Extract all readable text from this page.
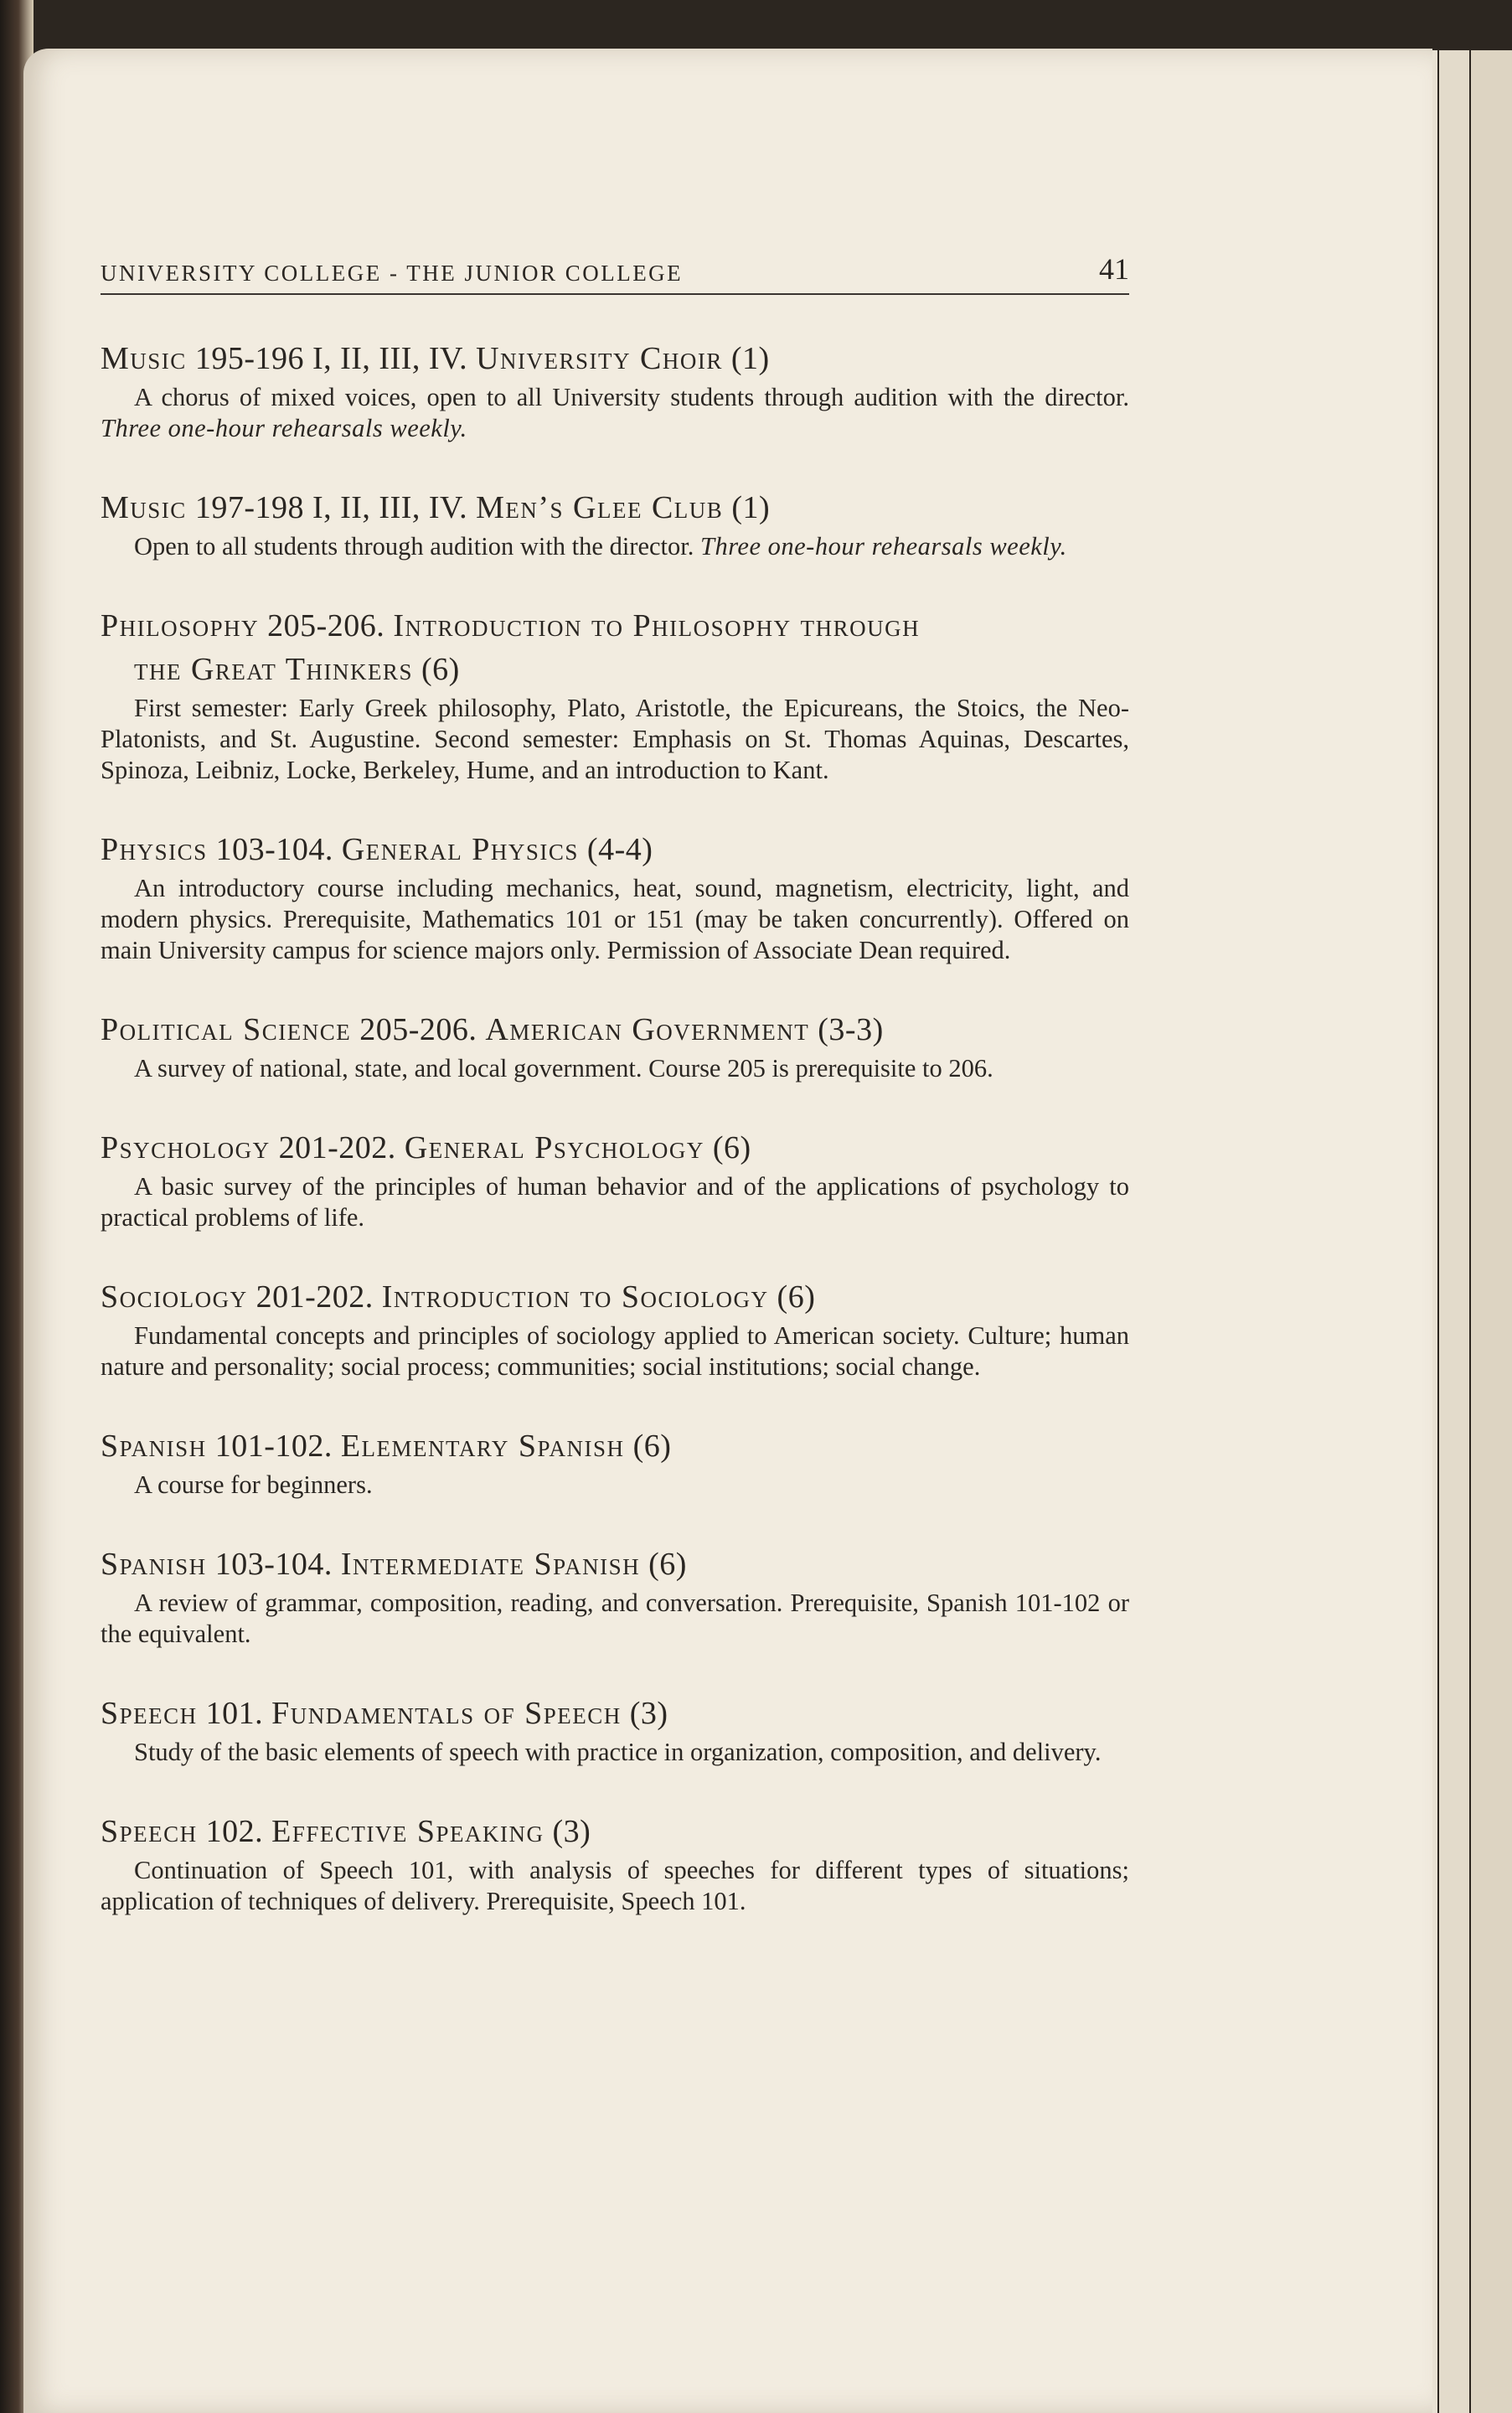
UNIVERSITY COLLEGE - THE JUNIOR COLLEGE	41

Music 195-196 I, II, III, IV. University Choir (1)

A chorus of mixed voices, open to all University students through audition with the director. Three one-hour rehearsals weekly.

Music 197-198 I, II, III, IV. Men’s Glee Club (1)

Open to all students through audition with the director. Three one-hour rehearsals weekly.

Philosophy 205-206. Introduction to Philosophy through

the Great Thinkers (6)

First semester: Early Greek philosophy, Plato, Aristotle, the Epicureans, the Stoics, the Neo-Platonists, and St. Augustine. Second semester: Emphasis on St. Thomas Aquinas, Descartes, Spinoza, Leibniz, Locke, Berkeley, Hume, and an introduction to Kant.

Physics 103-104. General Physics (4-4)

An introductory course including mechanics, heat, sound, magnetism, electricity, light, and modern physics. Prerequisite, Mathematics 101 or 151 (may be taken concurrently). Offered on main University campus for science majors only. Permission of Associate Dean required.

Political Science 205-206. American Government (3-3)

A survey of national, state, and local government. Course 205 is prerequisite to 206.

Psychology 201-202. General Psychology (6)

A basic survey of the principles of human behavior and of the applications of psychology to practical problems of life.

Sociology 201-202. Introduction to Sociology (6)

Fundamental concepts and principles of sociology applied to American society. Culture; human nature and personality; social process; communities; social institutions; social change.

Spanish 101-102. Elementary Spanish (6)

A course for beginners.

Spanish 103-104. Intermediate Spanish (6)

A review of grammar, composition, reading, and conversation. Prerequisite, Spanish 101-102 or the equivalent.

Speech 101. Fundamentals of Speech (3)

Study of the basic elements of speech with practice in organization, composition, and delivery.

Speech 102. Effective Speaking (3)

Continuation of Speech 101, with analysis of speeches for different types of situations; application of techniques of delivery. Prerequisite, Speech 101.
